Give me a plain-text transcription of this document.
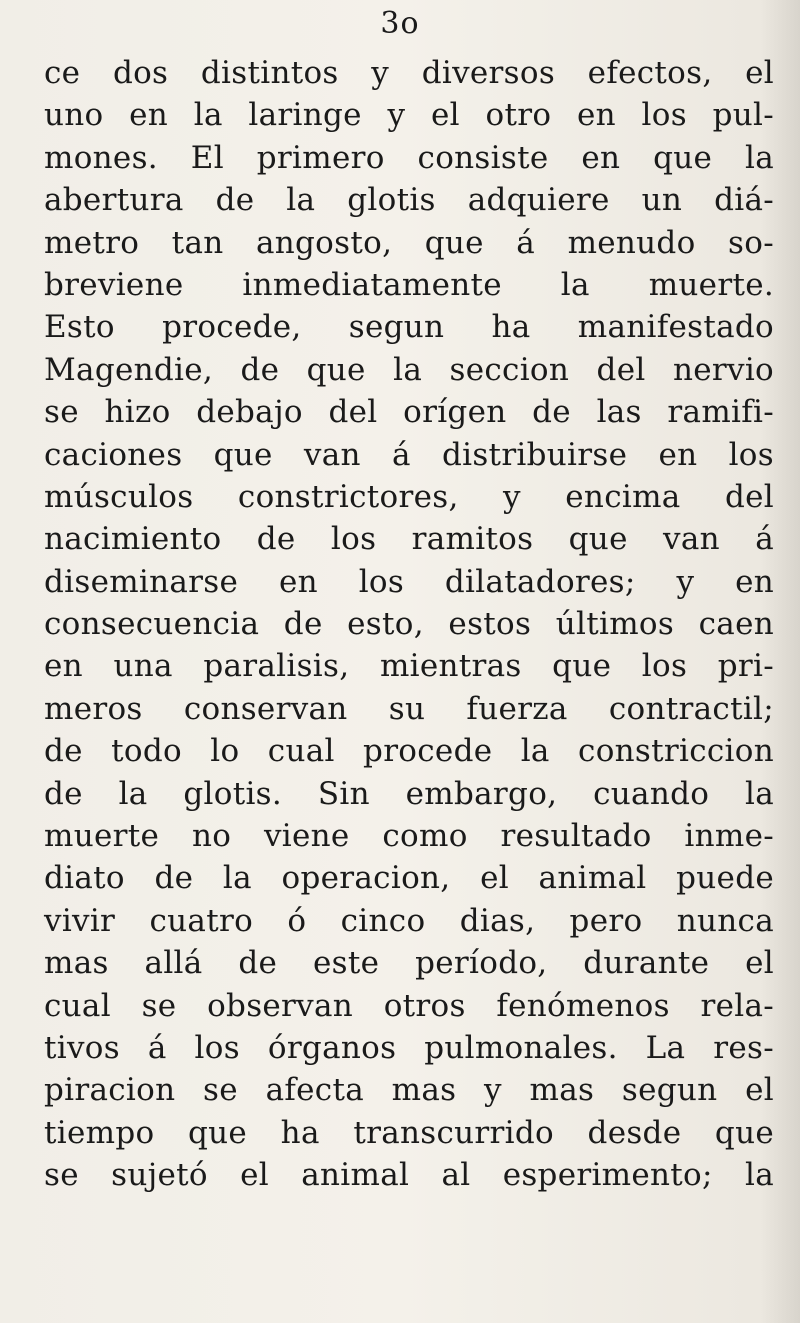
3o
ce dos distintos y diversos efectos, el
uno en la laringe y el otro en los pul-
mones. El primero consiste en que la
abertura de la glotis adquiere un diá-
metro tan angosto, que á menudo so-
breviene inmediatamente la muerte.
Esto procede, segun ha manifestado
Magendie, de que la seccion del nervio
se hizo debajo del orígen de las ramifi-
caciones que van á distribuirse en los
músculos constrictores, y encima del
nacimiento de los ramitos que van á
diseminarse en los dilatadores; y en
consecuencia de esto, estos últimos caen
en una paralisis, mientras que los pri-
meros conservan su fuerza contractil;
de todo lo cual procede la constriccion
de la glotis. Sin embargo, cuando la
muerte no viene como resultado inme-
diato de la operacion, el animal puede
vivir cuatro ó cinco dias, pero nunca
mas allá de este período, durante el
cual se observan otros fenómenos rela-
tivos á los órganos pulmonales. La res-
piracion se afecta mas y mas segun el
tiempo que ha transcurrido desde que
se sujetó el animal al esperimento; la
